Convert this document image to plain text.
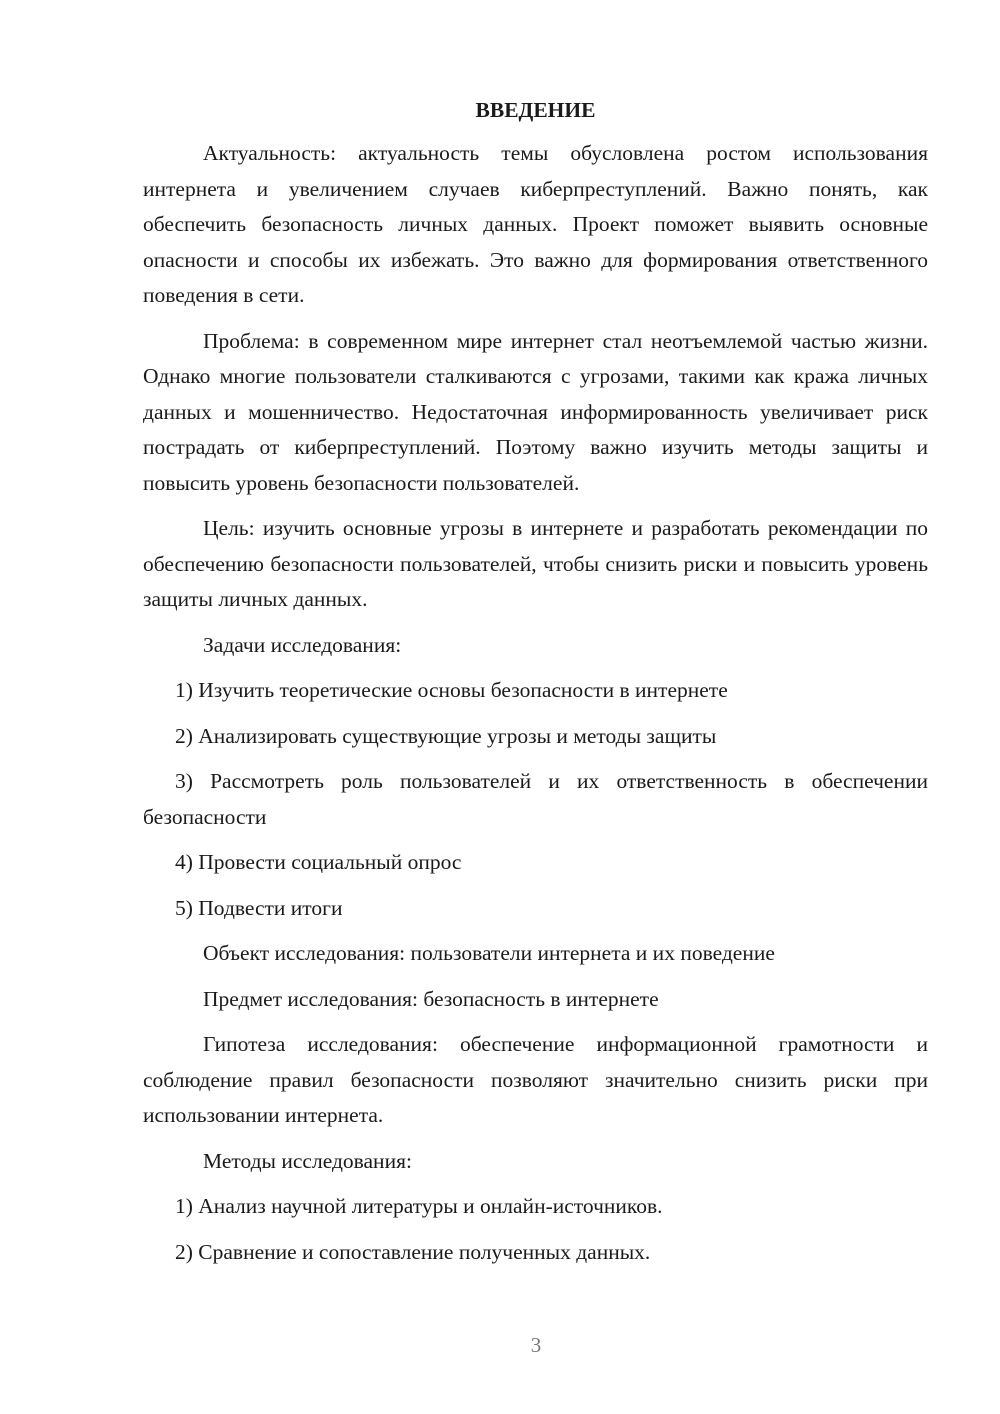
ВВЕДЕНИЕ
Актуальность: актуальность темы обусловлена ростом использования интернета и увеличением случаев киберпреступлений. Важно понять, как обеспечить безопасность личных данных. Проект поможет выявить основные опасности и способы их избежать. Это важно для формирования ответственного поведения в сети.
Проблема: в современном мире интернет стал неотъемлемой частью жизни. Однако многие пользователи сталкиваются с угрозами, такими как кража личных данных и мошенничество. Недостаточная информированность увеличивает риск пострадать от киберпреступлений. Поэтому важно изучить методы защиты и повысить уровень безопасности пользователей.
Цель: изучить основные угрозы в интернете и разработать рекомендации по обеспечению безопасности пользователей, чтобы снизить риски и повысить уровень защиты личных данных.
Задачи исследования:
1) Изучить теоретические основы безопасности в интернете
2) Анализировать существующие угрозы и методы защиты
3) Рассмотреть роль пользователей и их ответственность в обеспечении безопасности
4) Провести социальный опрос
5) Подвести итоги
Объект исследования: пользователи интернета и их поведение
Предмет исследования: безопасность в интернете
Гипотеза исследования: обеспечение информационной грамотности и соблюдение правил безопасности позволяют значительно снизить риски при использовании интернета.
Методы исследования:
1) Анализ научной литературы и онлайн-источников.
2) Сравнение и сопоставление полученных данных.
3
